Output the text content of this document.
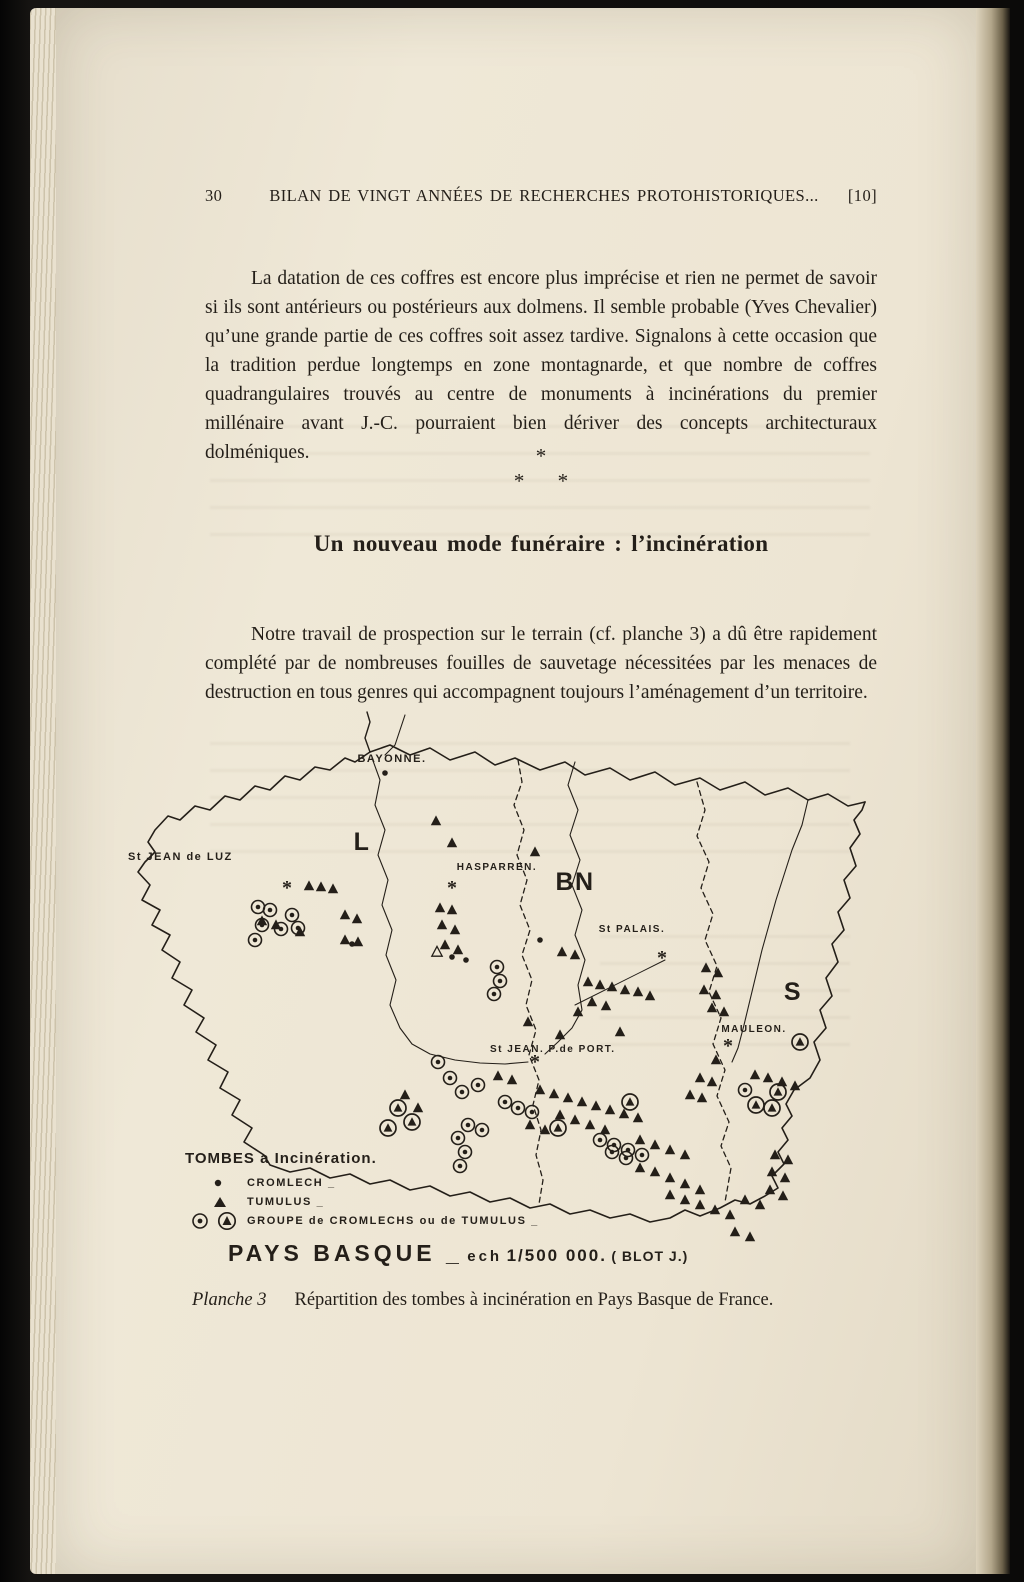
30	BILAN DE VINGT ANNÉES DE RECHERCHES PROTOHISTORIQUES...	[10]

La datation de ces coffres est encore plus imprécise et rien ne permet de savoir si ils sont antérieurs ou postérieurs aux dolmens. Il semble probable (Yves Chevalier) qu’une grande partie de ces coffres soit assez tardive. Signalons à cette occasion que la tradition perdue longtemps en zone montagnarde, et que nombre de coffres quadrangulaires trouvés au centre de monuments à incinérations du premier millénaire avant J.-C. pourraient bien dériver des concepts architecturaux dolméniques.	*
* *
Un nouveau mode funéraire : l’incinération

Notre travail de prospection sur le terrain (cf. planche 3) a dû être rapidement complété par de nombreuses fouilles de sauvetage nécessitées par les menaces de destruction en tous genres qui accompagnent toujours l’aménagement d’un territoire.

BAYONNE.
St JEAN de LUZ
HASPARREN.
St PALAIS.
MAULEON.
St JEAN. P.de PORT.
L
BN
S
*	*
*
*
*
TOMBES a Incinération.
CROMLECH _
TUMULUS _
GROUPE de CROMLECHS ou de TUMULUS _
PAYS BASQUE _ ech 1/500 000. ( BLOT J.)
Planche 3 Répartition des tombes à incinération en Pays Basque de France.
